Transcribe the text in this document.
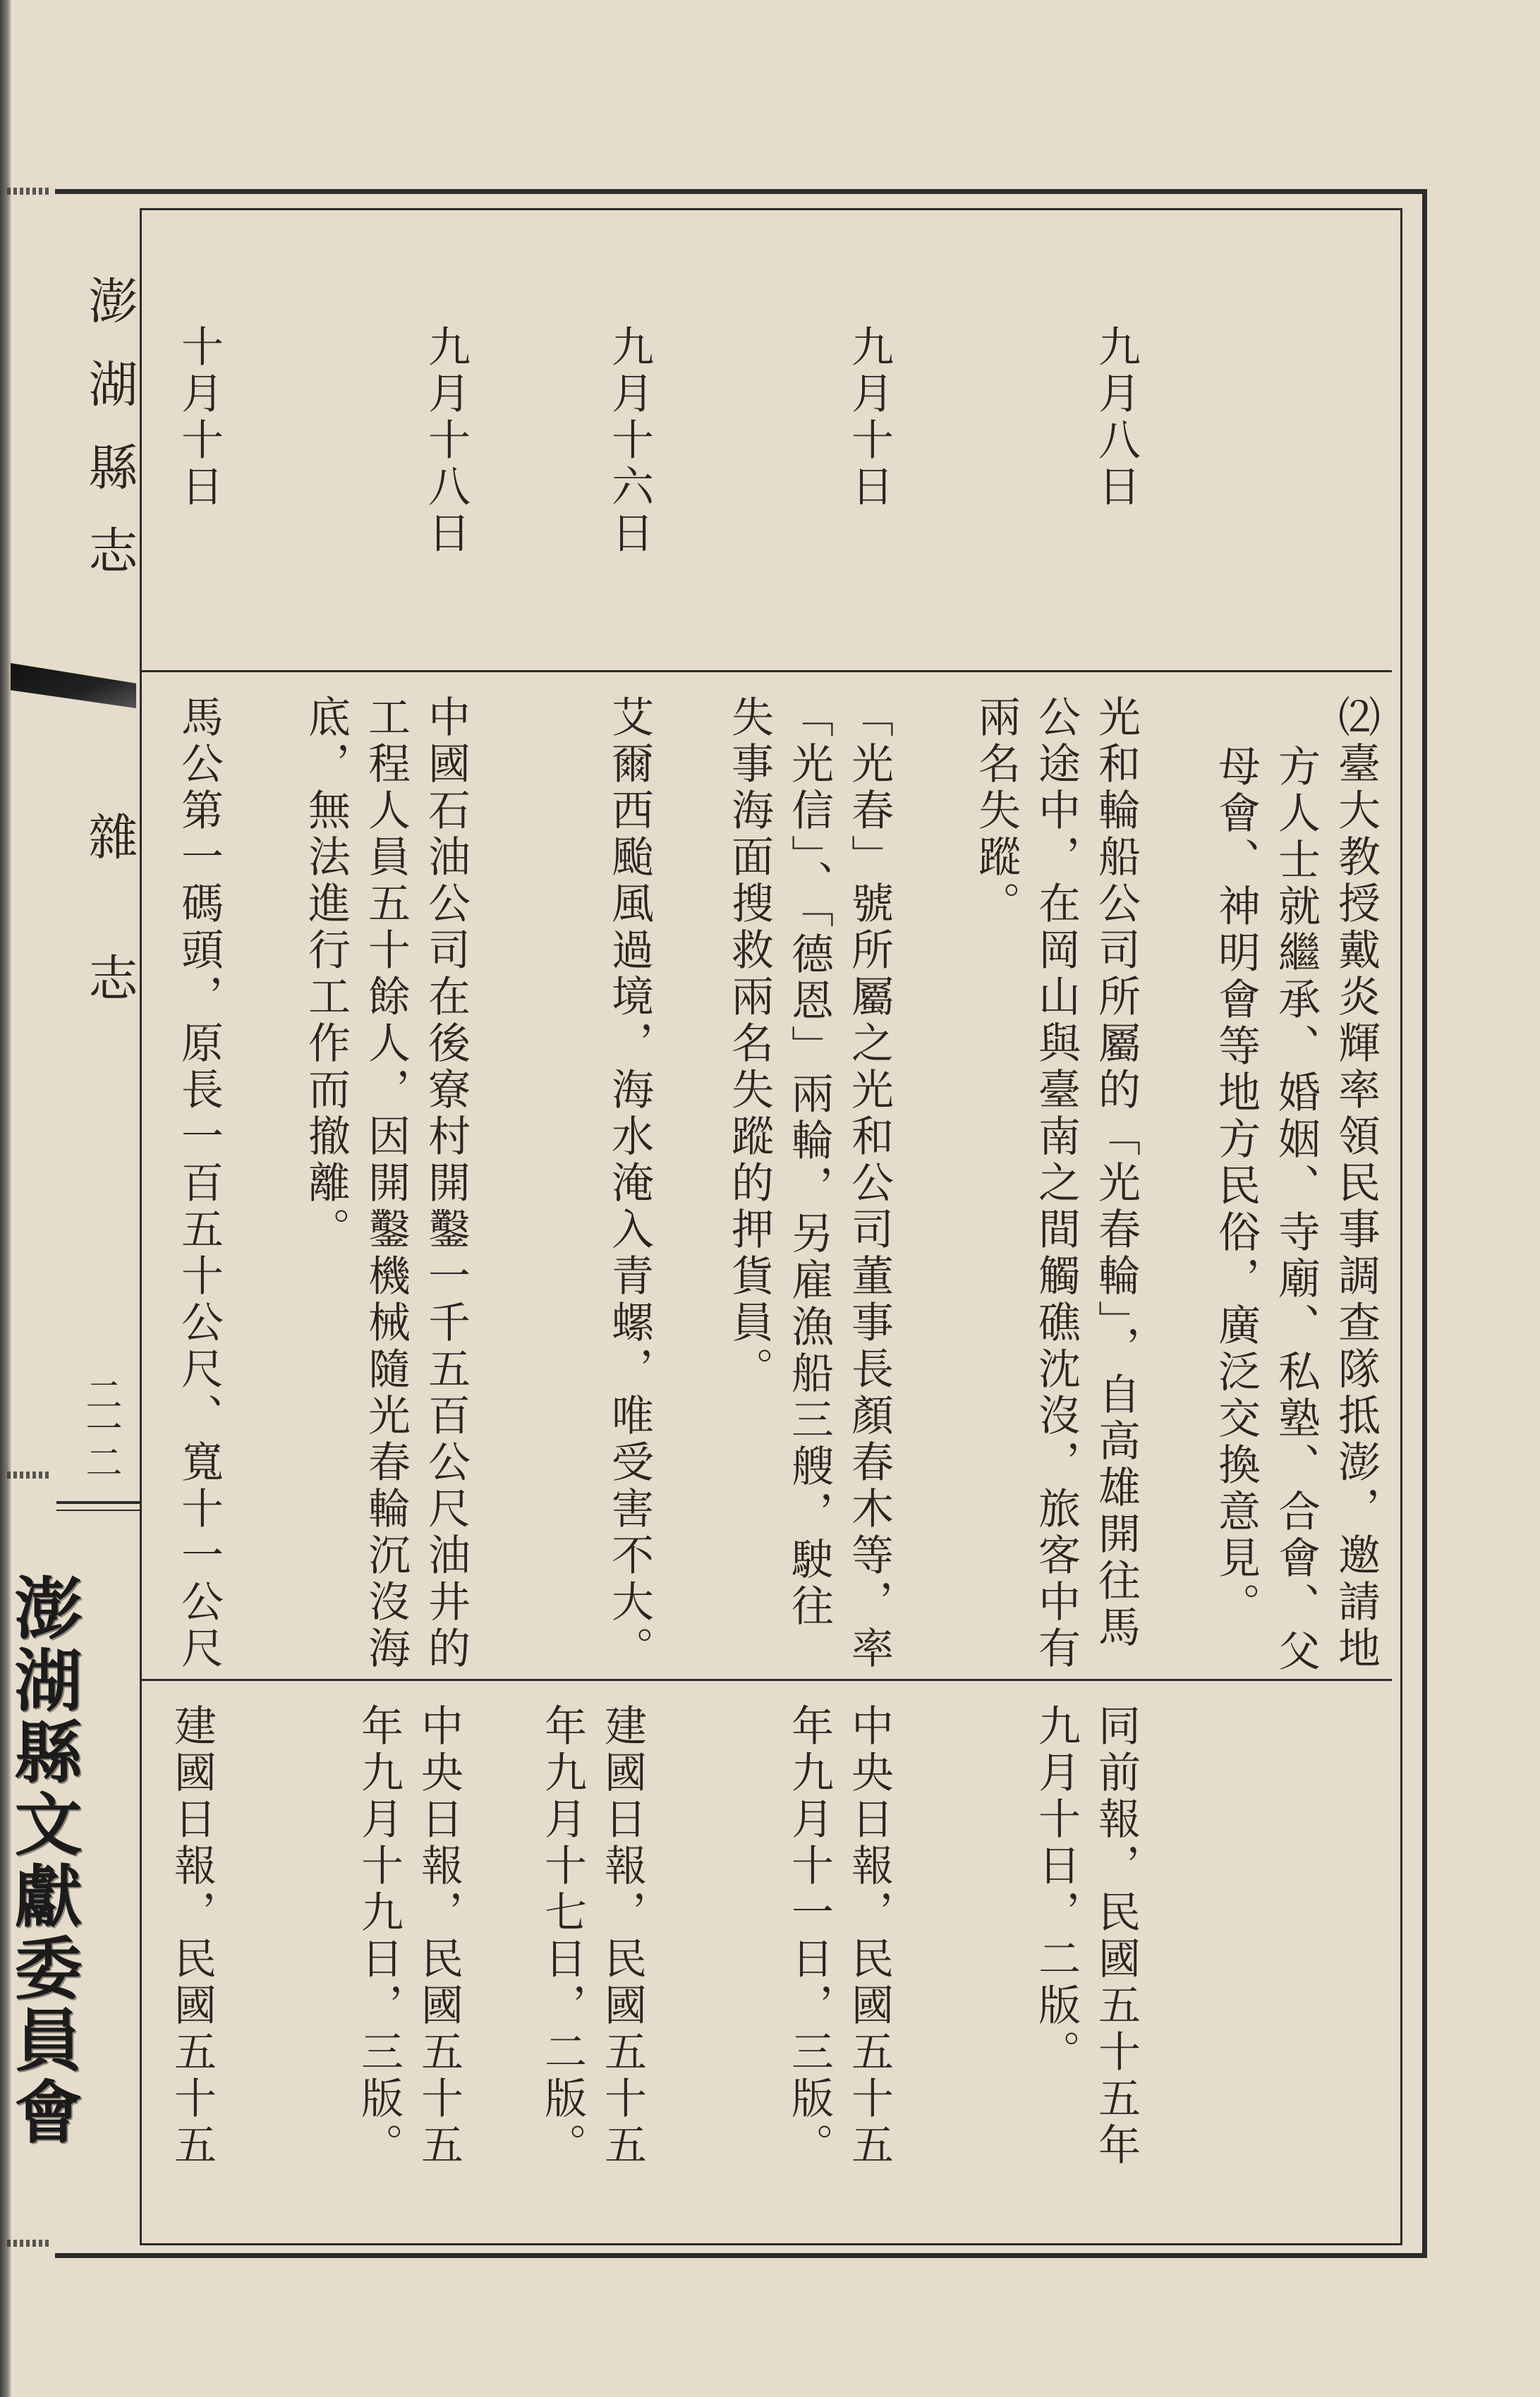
澎湖縣志
雜　志
二一二
澎湖縣文獻委員會
九月八日
⑵臺大教授戴炎輝率領民事調查隊抵澎，邀請地
方人士就繼承、婚姻、寺廟、私塾、合會、父
母會、神明會等地方民俗，廣泛交換意見。
光和輪船公司所屬的「光春輪」，自高雄開往馬
公途中，在岡山與臺南之間觸礁沈沒，旅客中有
兩名失蹤。
同前報，民國五十五年
九月十日，二版。
九月十日
「光春」號所屬之光和公司董事長顏春木等，率
「光信」、「德恩」兩輪，另雇漁船三艘，駛往
失事海面搜救兩名失蹤的押貨員。
中央日報，民國五十五
年九月十一日，三版。
九月十六日
艾爾西颱風過境，海水淹入青螺，唯受害不大。
建國日報，民國五十五
年九月十七日，二版。
九月十八日
中國石油公司在後寮村開鑿一千五百公尺油井的
工程人員五十餘人，因開鑿機械隨光春輪沉沒海
底，無法進行工作而撤離。
中央日報，民國五十五
年九月十九日，三版。
十月十日
馬公第一碼頭，原長一百五十公尺、寬十一公尺
建國日報，民國五十五
